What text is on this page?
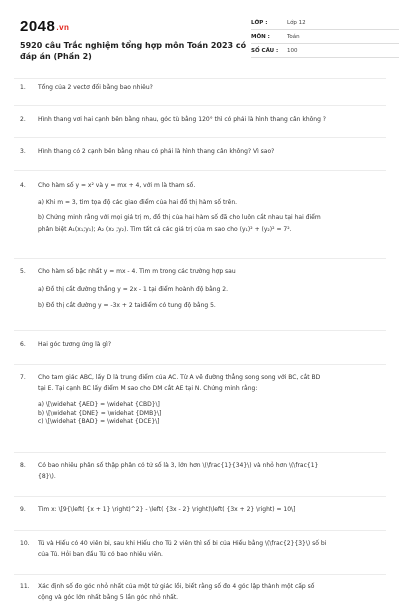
2048.vn
5920 câu Trắc nghiệm tổng hợp môn Toán 2023 có đáp án (Phần 2)
LỚP :	Lớp 12
MÔN :	Toán
SỐ CÂU :	100
1.	Tổng của 2 vectơ đối bằng bao nhiêu?
2.	Hình thang vơi hai cạnh bên bằng nhau, góc tù bằng 120° thì có phải là hình thang cân không ?
3.	Hình thang có 2 cạnh bên bằng nhau có phải là hình thang cân không? Vì sao?
4.	Cho hàm số y = x² và y = mx + 4, với m là tham số.
a) Khi m = 3, tìm tọa độ các giao điểm của hai đồ thị hàm số trên.
b) Chứng minh rằng với mọi giá trị m, đồ thị của hai hàm số đã cho luôn cắt nhau tại hai điểm
phân biệt A₁(x₁;y₁); A₂ (x₂ ;y₂). Tìm tất cả các giá trị của m sao cho (y₁)² + (y₂)² = 7².
5.	Cho hàm số bậc nhất y = mx - 4. Tìm m trong các trường hợp sau
a) Đồ thị cắt đường thẳng y = 2x - 1 tại điểm hoành độ bằng 2.
b) Đồ thị cắt đường y = -3x + 2 taiđiểm có tung độ bằng 5.
6.	Hai góc tương ứng là gì?
7.	Cho tam giác ABC, lấy D là trung điểm của AC. Từ A vẽ đường thẳng song song với BC, cắt BD
tại E. Tại cạnh BC lấy điểm M sao cho DM cắt AE tại N. Chứng minh rằng:
a) \[\widehat {AED} = \widehat {CBD}\]
b) \[\widehat {DNE} = \widehat {DMB}\]
c) \[\widehat {BAD} = \widehat {DCE}\]
8.	Có bao nhiêu phân số thập phân có tử số là 3, lớn hơn \(\frac{1}{34}\) và nhỏ hơn \(\frac{1}
{8}\).
9.	Tìm x: \[9{\left( {x + 1} \right)^2} - \left( {3x - 2} \right)\left( {3x + 2} \right) = 10\]
10.	Tú và Hiếu có 40 viên bi, sau khi Hiếu cho Tú 2 viên thì số bi của Hiếu bằng \(\frac{2}{3}\) số bi
của Tú. Hỏi ban đầu Tú có bao nhiêu viên.
11.	Xác định số đo góc nhỏ nhất của một tứ giác lồi, biết rằng số đo 4 góc lập thành một cấp số
cộng và góc lớn nhất bằng 5 lần góc nhỏ nhất.
